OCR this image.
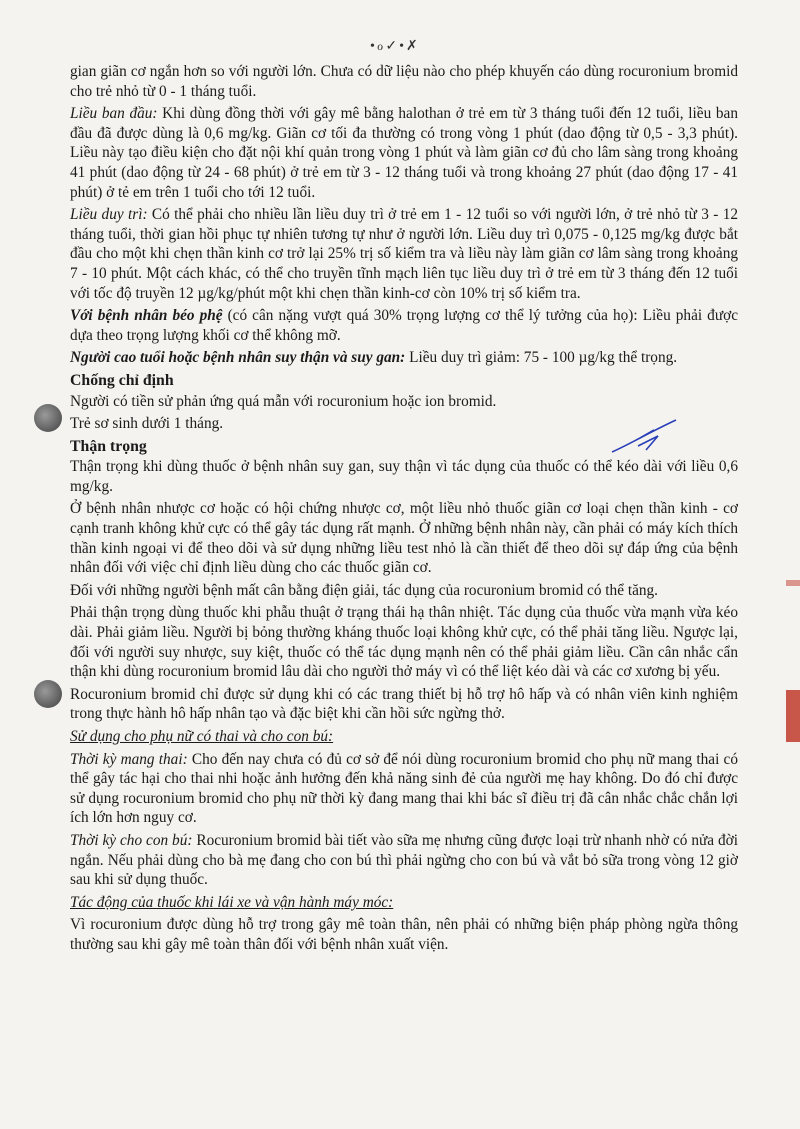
•ℴ✓•✗

gian giãn cơ ngắn hơn so với người lớn. Chưa có dữ liệu nào cho phép khuyến cáo dùng rocuronium bromid cho trẻ nhỏ từ 0 - 1 tháng tuổi.

Liều ban đầu: Khi dùng đồng thời với gây mê bằng halothan ở trẻ em từ 3 tháng tuổi đến 12 tuổi, liều ban đầu đã được dùng là 0,6 mg/kg. Giãn cơ tối đa thường có trong vòng 1 phút (dao động từ 0,5 - 3,3 phút). Liều này tạo điều kiện cho đặt nội khí quản trong vòng 1 phút và làm giãn cơ đủ cho lâm sàng trong khoảng 41 phút (dao động từ 24 - 68 phút) ở trẻ em từ 3 - 12 tháng tuổi và trong khoảng 27 phút (dao động 17 - 41 phút) ở tẻ em trên 1 tuổi cho tới 12 tuổi.

Liều duy trì: Có thể phải cho nhiều lần liều duy trì ở trẻ em 1 - 12 tuổi so với người lớn, ở trẻ nhỏ từ 3 - 12 tháng tuổi, thời gian hồi phục tự nhiên tương tự như ở người lớn. Liều duy trì 0,075 - 0,125 mg/kg được bắt đầu cho một khi chẹn thần kinh cơ trở lại 25% trị số kiểm tra và liều này làm giãn cơ lâm sàng trong khoảng 7 - 10 phút. Một cách khác, có thể cho truyền tĩnh mạch liên tục liều duy trì ở trẻ em từ 3 tháng đến 12 tuổi với tốc độ truyền 12 µg/kg/phút một khi chẹn thần kinh-cơ còn 10% trị số kiểm tra.

Với bệnh nhân béo phệ (có cân nặng vượt quá 30% trọng lượng cơ thể lý tưởng của họ): Liều phải được dựa theo trọng lượng khối cơ thể không mỡ.

Người cao tuổi hoặc bệnh nhân suy thận và suy gan: Liều duy trì giảm: 75 - 100 µg/kg thể trọng.

Chống chỉ định

Người có tiền sử phản ứng quá mẫn với rocuronium hoặc ion bromid.

Trẻ sơ sinh dưới 1 tháng.

Thận trọng

Thận trọng khi dùng thuốc ở bệnh nhân suy gan, suy thận vì tác dụng của thuốc có thể kéo dài với liều 0,6 mg/kg.

Ở bệnh nhân nhược cơ hoặc có hội chứng nhược cơ, một liều nhỏ thuốc giãn cơ loại chẹn thần kinh - cơ cạnh tranh không khử cực có thể gây tác dụng rất mạnh. Ở những bệnh nhân này, cần phải có máy kích thích thần kinh ngoại vi để theo dõi và sử dụng những liều test nhỏ là cần thiết để theo dõi sự đáp ứng của bệnh nhân đối với việc chỉ định liều dùng cho các thuốc giãn cơ.

Đối với những người bệnh mất cân bằng điện giải, tác dụng của rocuronium bromid có thể tăng.

Phải thận trọng dùng thuốc khi phẫu thuật ở trạng thái hạ thân nhiệt. Tác dụng của thuốc vừa mạnh vừa kéo dài. Phải giảm liều. Người bị bỏng thường kháng thuốc loại không khử cực, có thể phải tăng liều. Ngược lại, đối với người suy nhược, suy kiệt, thuốc có thể tác dụng mạnh nên có thể phải giảm liều. Cần cân nhắc cẩn thận khi dùng rocuronium bromid lâu dài cho người thở máy vì có thể liệt kéo dài và các cơ xương bị yếu.

Rocuronium bromid chỉ được sử dụng khi có các trang thiết bị hỗ trợ hô hấp và có nhân viên kinh nghiệm trong thực hành hô hấp nhân tạo và đặc biệt khi cần hồi sức ngừng thở.

Sử dụng cho phụ nữ có thai và cho con bú:

Thời kỳ mang thai: Cho đến nay chưa có đủ cơ sở để nói dùng rocuronium bromid cho phụ nữ mang thai có thể gây tác hại cho thai nhi hoặc ảnh hưởng đến khả năng sinh đẻ của người mẹ hay không. Do đó chỉ được sử dụng rocuronium bromid cho phụ nữ thời kỳ đang mang thai khi bác sĩ điều trị đã cân nhắc chắc chắn lợi ích lớn hơn nguy cơ.

Thời kỳ cho con bú: Rocuronium bromid bài tiết vào sữa mẹ nhưng cũng được loại trừ nhanh nhờ có nửa đời ngắn. Nếu phải dùng cho bà mẹ đang cho con bú thì phải ngừng cho con bú và vắt bỏ sữa trong vòng 12 giờ sau khi sử dụng thuốc.

Tác động của thuốc khi lái xe và vận hành máy móc:

Vì rocuronium được dùng hỗ trợ trong gây mê toàn thân, nên phải có những biện pháp phòng ngừa thông thường sau khi gây mê toàn thân đối với bệnh nhân xuất viện.
